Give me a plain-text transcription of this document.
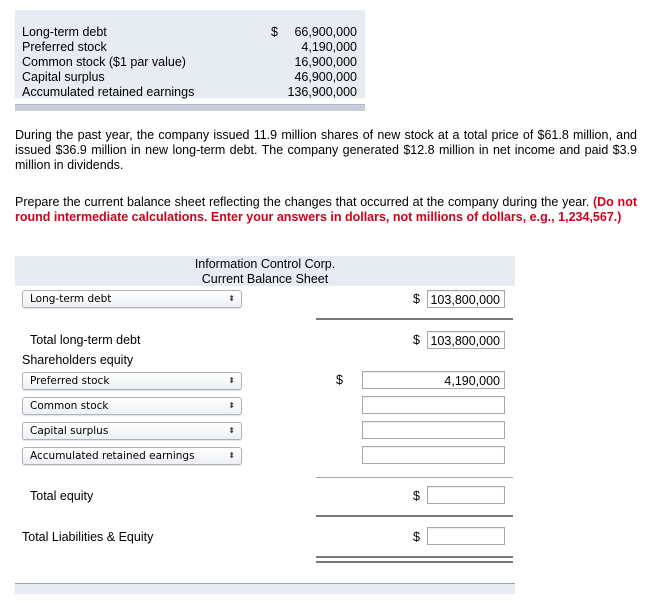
Long-term debt	$ 66,900,000
Preferred stock	4,190,000
Common stock ($1 par value)	16,900,000
Capital surplus	46,900,000
Accumulated retained earnings	136,900,000
During the past year, the company issued 11.9 million shares of new stock at a total price of $61.8 million, and issued $36.9 million in new long-term debt. The company generated $12.8 million in net income and paid $3.9 million in dividends.
Prepare the current balance sheet reflecting the changes that occurred at the company during the year. (Do not round intermediate calculations. Enter your answers in dollars, not millions of dollars, e.g., 1,234,567.)
Information Control Corp.
Current Balance Sheet
Long-term debt	⬍	$ 103,800,000
Total long-term debt	$ 103,800,000
Shareholders equity
Preferred stock	⬍	$	4,190,000
Common stock	⬍
Capital surplus	⬍
Accumulated retained earnings	⬍
Total equity	$
Total Liabilities & Equity	$
